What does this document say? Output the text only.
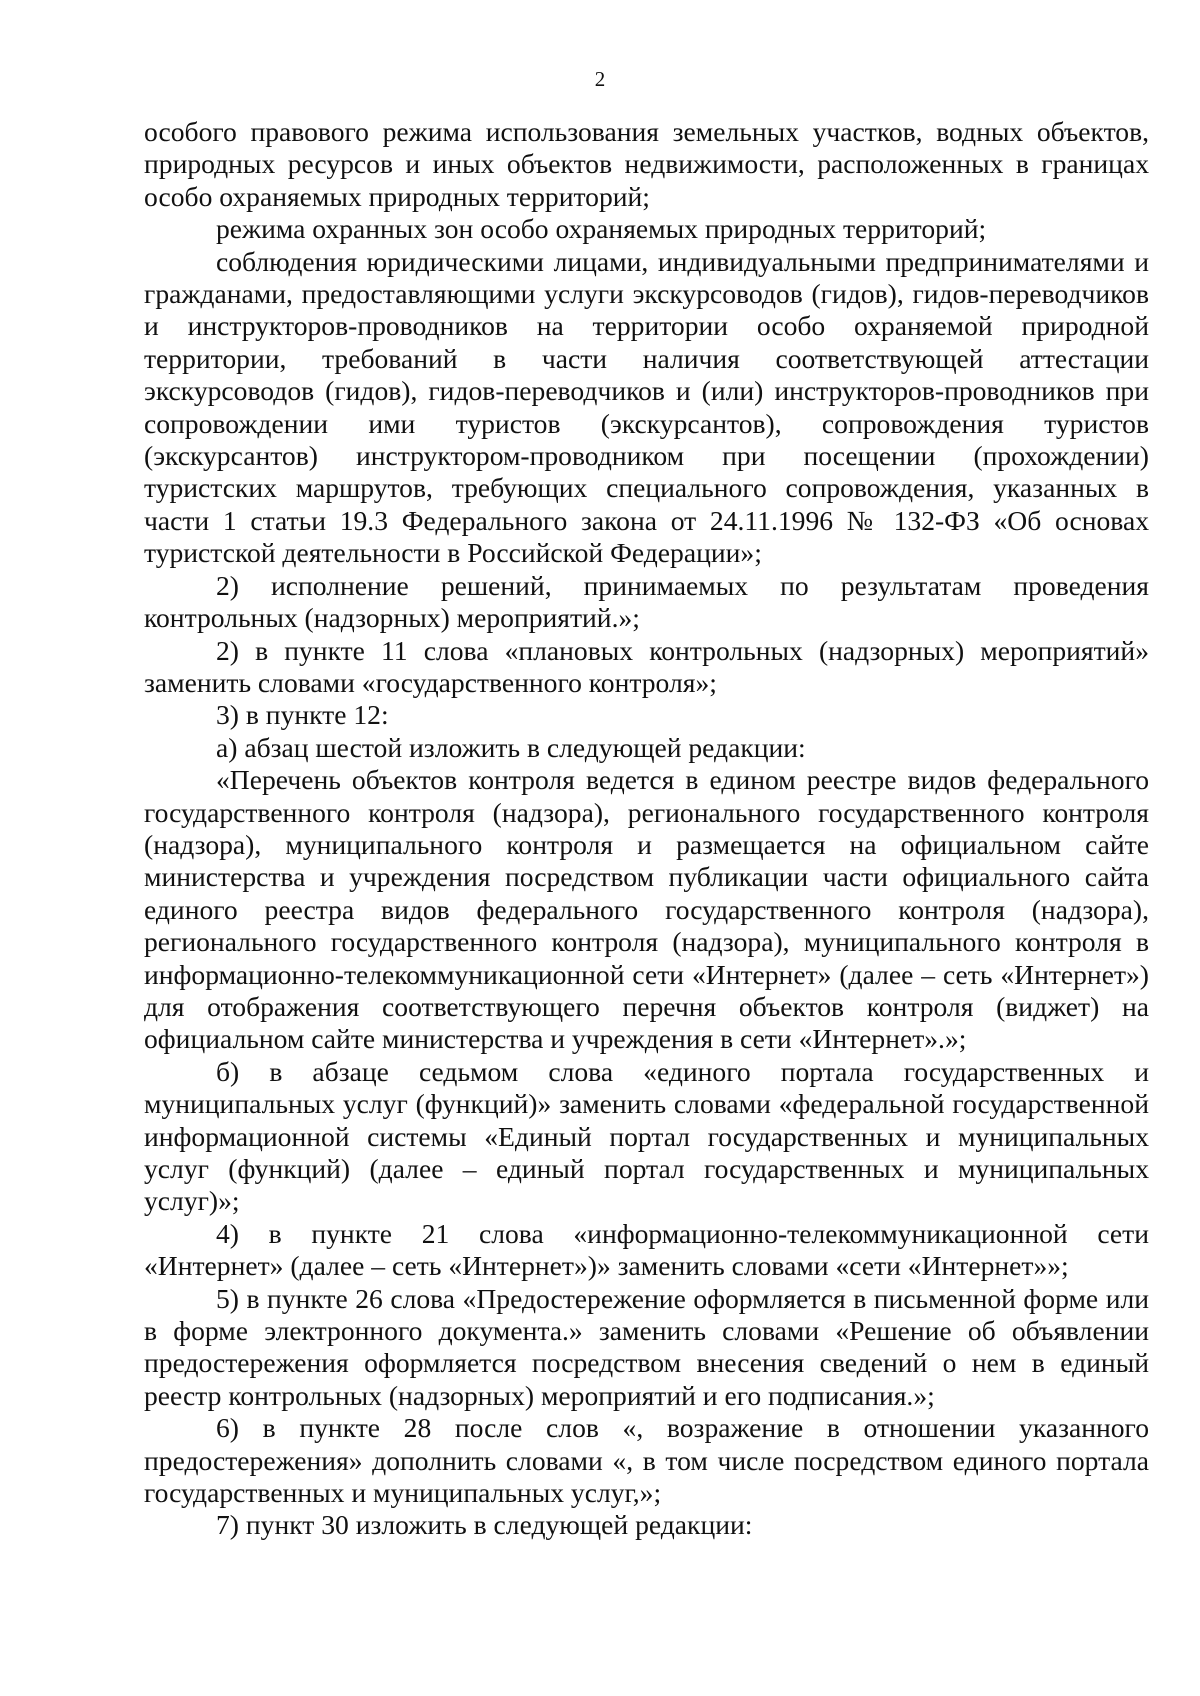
2

особого правового режима использования земельных участков, водных объектов, природных ресурсов и иных объектов недвижимости, расположенных в границах особо охраняемых природных территорий;

режима охранных зон особо охраняемых природных территорий;

соблюдения юридическими лицами, индивидуальными предпринимателями и гражданами, предоставляющими услуги экскурсоводов (гидов), гидов-переводчиков и инструкторов-проводников на территории особо охраняемой природной территории, требований в части наличия соответствующей аттестации экскурсоводов (гидов), гидов-переводчиков и (или) инструкторов-проводников при сопровождении ими туристов (экскурсантов), сопровождения туристов (экскурсантов) инструктором-проводником при посещении (прохождении) туристских маршрутов, требующих специального сопровождения, указанных в части 1 статьи 19.3 Федерального закона от 24.11.1996 № 132-ФЗ «Об основах туристской деятельности в Российской Федерации»;

2) исполнение решений, принимаемых по результатам проведения контрольных (надзорных) мероприятий.»;

2) в пункте 11 слова «плановых контрольных (надзорных) мероприятий» заменить словами «государственного контроля»;

3) в пункте 12:

а) абзац шестой изложить в следующей редакции:

«Перечень объектов контроля ведется в едином реестре видов федерального государственного контроля (надзора), регионального государственного контроля (надзора), муниципального контроля и размещается на официальном сайте министерства и учреждения посредством публикации части официального сайта единого реестра видов федерального государственного контроля (надзора), регионального государственного контроля (надзора), муниципального контроля в информационно-телекоммуникационной сети «Интернет» (далее – сеть «Интернет») для отображения соответствующего перечня объектов контроля (виджет) на официальном сайте министерства и учреждения в сети «Интернет».»;

б) в абзаце седьмом слова «единого портала государственных и муниципальных услуг (функций)» заменить словами «федеральной государственной информационной системы «Единый портал государственных и муниципальных услуг (функций) (далее – единый портал государственных и муниципальных услуг)»;

4) в пункте 21 слова «информационно-телекоммуникационной сети «Интернет» (далее – сеть «Интернет»)» заменить словами «сети «Интернет»»;

5) в пункте 26 слова «Предостережение оформляется в письменной форме или в форме электронного документа.» заменить словами «Решение об объявлении предостережения оформляется посредством внесения сведений о нем в единый реестр контрольных (надзорных) мероприятий и его подписания.»;

6) в пункте 28 после слов «, возражение в отношении указанного предостережения» дополнить словами «, в том числе посредством единого портала государственных и муниципальных услуг,»;

7) пункт 30 изложить в следующей редакции:
